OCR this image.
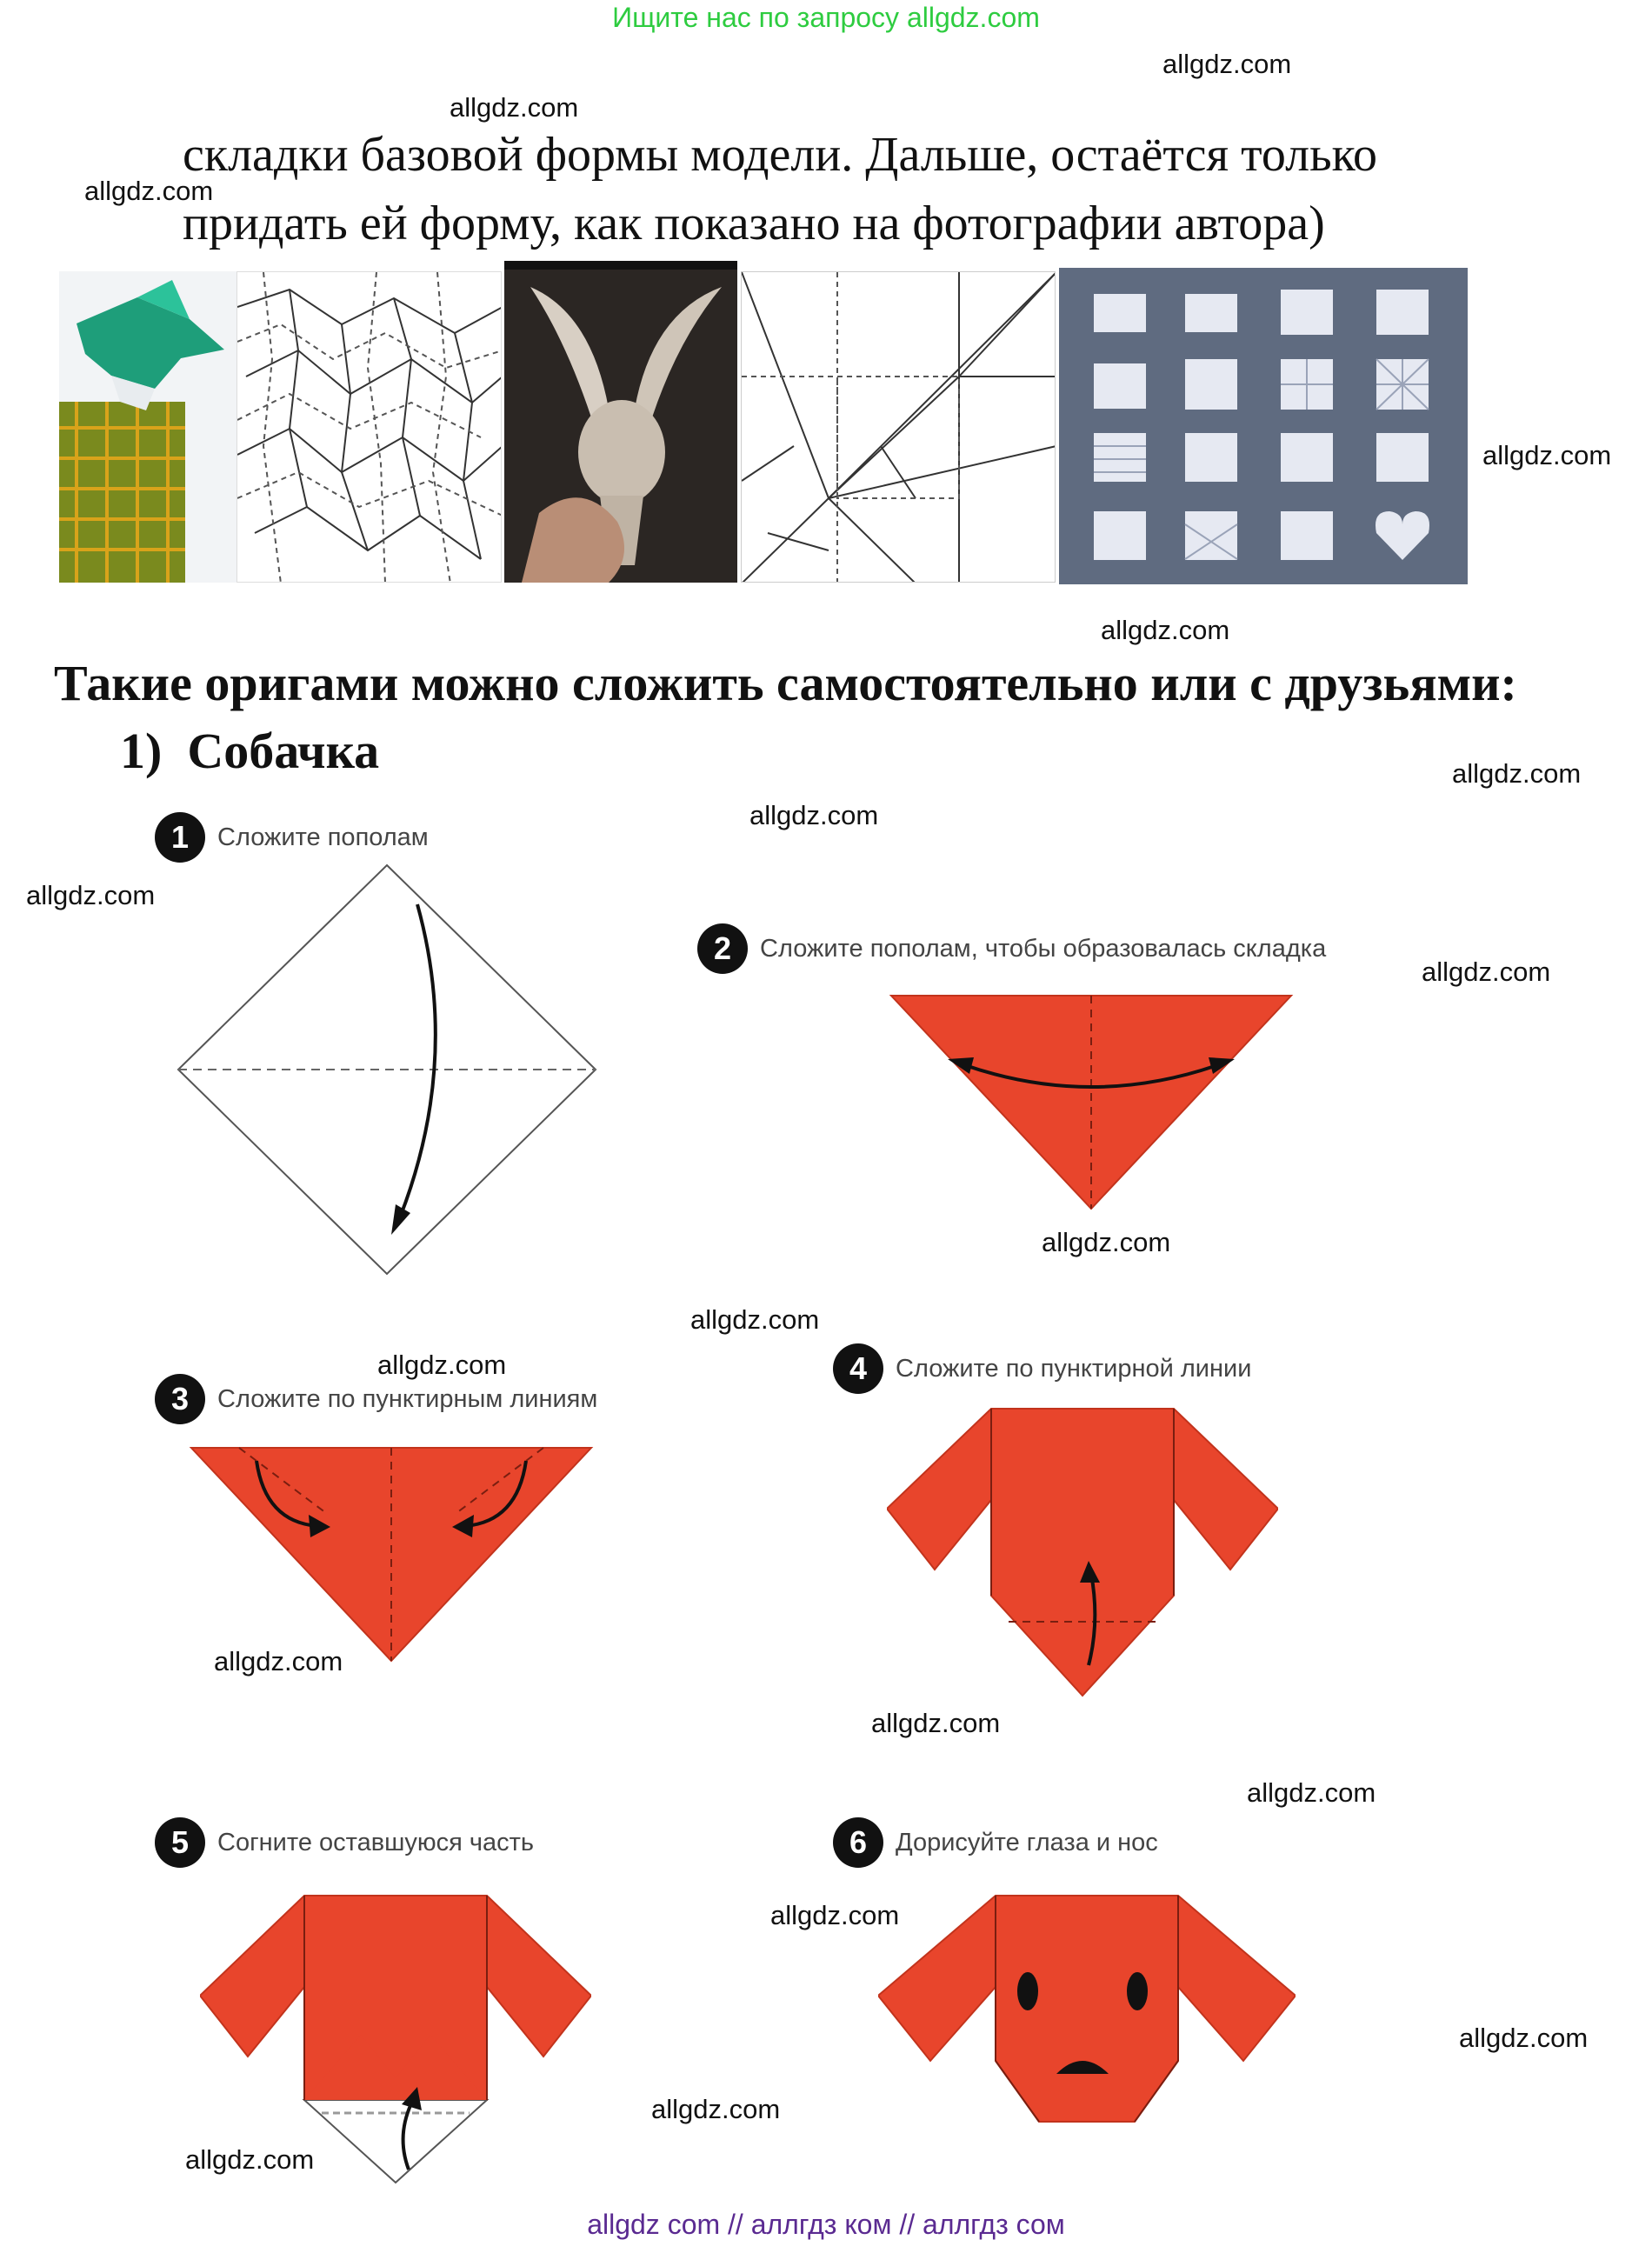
Ищите нас по запросу allgdz.com
allgdz.com
allgdz.com
allgdz.com
allgdz.com
allgdz.com
allgdz.com
allgdz.com
allgdz.com
allgdz.com
allgdz.com
allgdz.com
allgdz.com
allgdz.com
allgdz.com
allgdz.com
allgdz.com
allgdz.com
allgdz.com
allgdz.com
складки базовой формы модели. Дальше, остаётся только
придать ей форму, как показано на фотографии автора)
Такие оригами можно сложить самостоятельно или с друзьями:
1) Собачка
1	Сложите пополам
2	Сложите пополам, чтобы образовалась складка
3	Сложите по пунктирным линиям
4	Сложите по пунктирной линии
5	Согните оставшуюся часть	6	Дорисуйте глаза и нос
allgdz com // аллгдз ком // аллгдз сом
